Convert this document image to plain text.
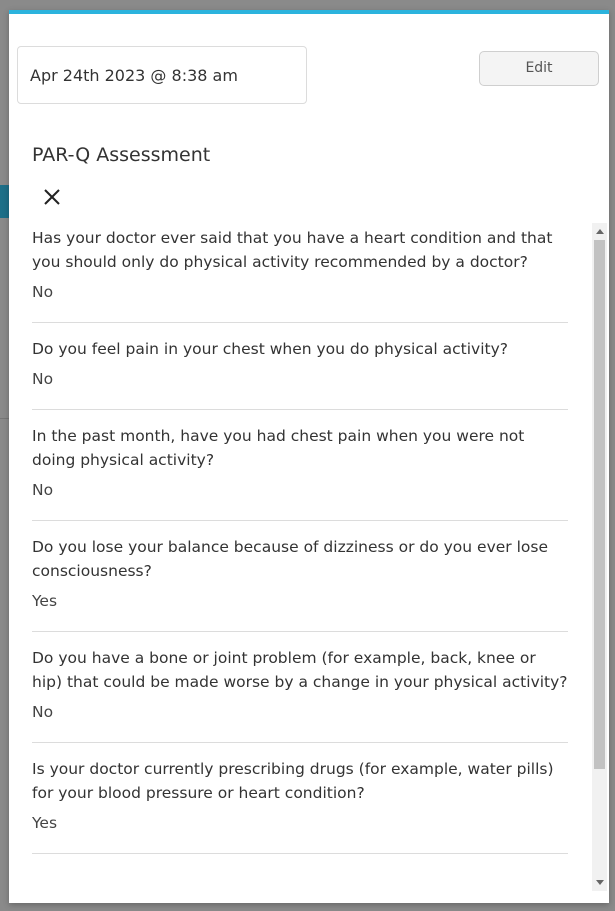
Apr 24th 2023 @ 8:38 am	Edit
PAR-Q Assessment
Has your doctor ever said that you have a heart condition and that you should only do physical activity recommended by a doctor?
No
Do you feel pain in your chest when you do physical activity?
No
In the past month, have you had chest pain when you were not doing physical activity?
No
Do you lose your balance because of dizziness or do you ever lose consciousness?
Yes
Do you have a bone or joint problem (for example, back, knee or hip) that could be made worse by a change in your physical activity?
No
Is your doctor currently prescribing drugs (for example, water pills) for your blood pressure or heart condition?
Yes
